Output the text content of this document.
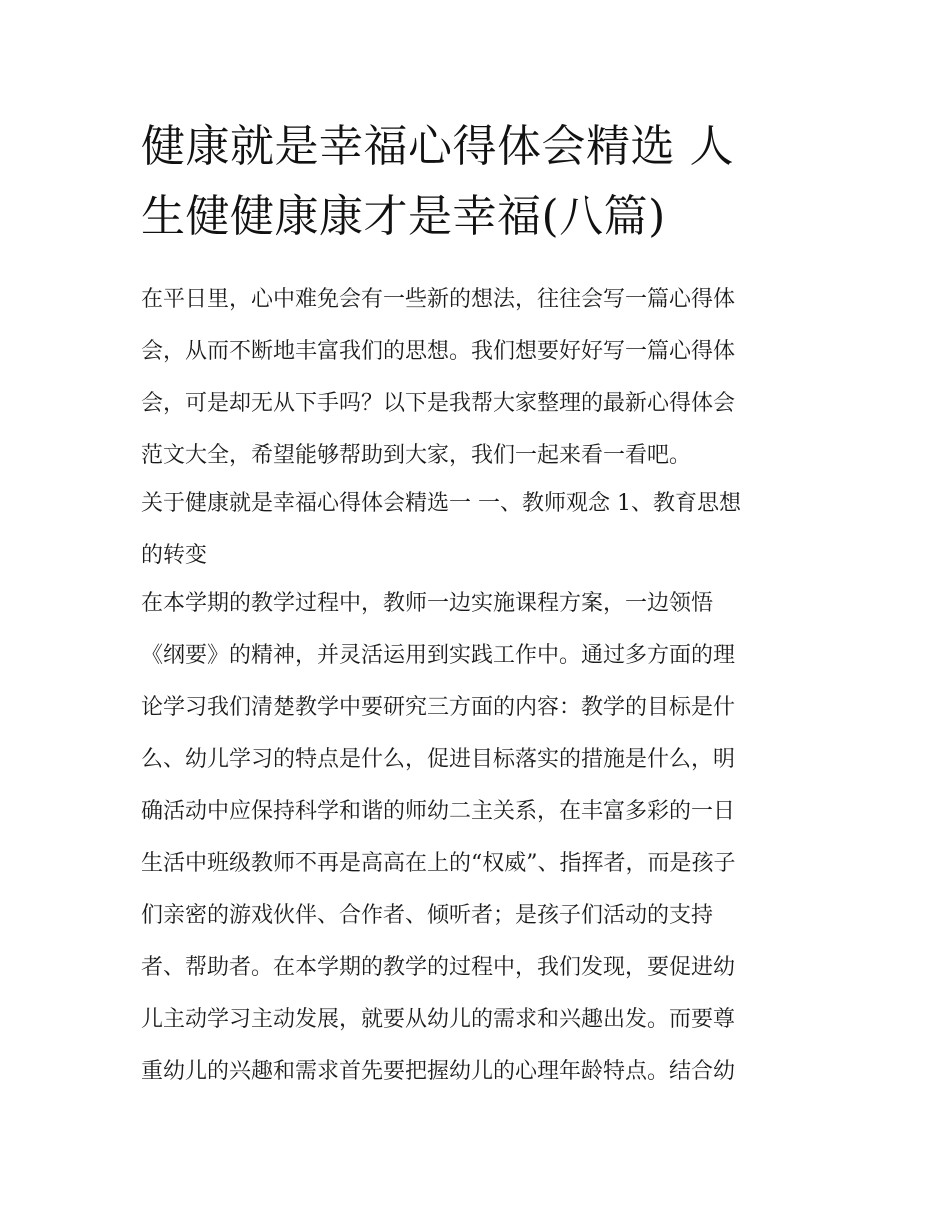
健康就是幸福心得体会精选 人
生健健康康才是幸福(八篇)
在平日里，心中难免会有一些新的想法，往往会写一篇心得体
会，从而不断地丰富我们的思想。我们想要好好写一篇心得体
会，可是却无从下手吗？以下是我帮大家整理的最新心得体会
范文大全，希望能够帮助到大家，我们一起来看一看吧。
关于健康就是幸福心得体会精选一 一、教师观念 1、教育思想
的转变
在本学期的教学过程中，教师一边实施课程方案，一边领悟
《纲要》的精神，并灵活运用到实践工作中。通过多方面的理
论学习我们清楚教学中要研究三方面的内容：教学的目标是什
么、幼儿学习的特点是什么，促进目标落实的措施是什么，明
确活动中应保持科学和谐的师幼二主关系，在丰富多彩的一日
生活中班级教师不再是高高在上的“权威”、指挥者，而是孩子
们亲密的游戏伙伴、合作者、倾听者；是孩子们活动的支持
者、帮助者。在本学期的教学的过程中，我们发现，要促进幼
儿主动学习主动发展，就要从幼儿的需求和兴趣出发。而要尊
重幼儿的兴趣和需求首先要把握幼儿的心理年龄特点。结合幼
